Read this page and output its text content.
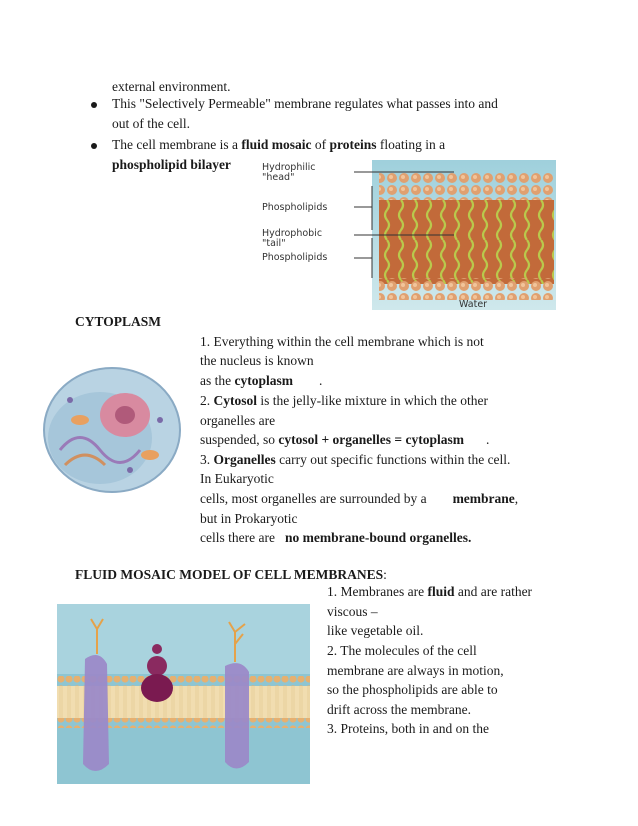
external environment.
This "Selectively Permeable" membrane regulates what passes into and
out of the cell.
The cell membrane is a fluid mosaic of proteins floating in a
phospholipid bilayer	Hydrophilic
"head"
Phospholipids
Hydrophobic
"tail"
Phospholipids
Water
CYTOPLASM
1. Everything within the cell membrane which is not
the nucleus is known
as the cytoplasm .
2. Cytosol is the jelly-like mixture in which the other
organelles are
suspended, so cytosol + organelles = cytoplasm .
3. Organelles carry out specific functions within the cell.
In Eukaryotic
cells, most organelles are surrounded by a membrane,
but in Prokaryotic
cells there are no membrane-bound organelles.
FLUID MOSAIC MODEL OF CELL MEMBRANES:
1. Membranes are fluid and are rather
viscous –
like vegetable oil.
2. The molecules of the cell
membrane are always in motion,
so the phospholipids are able to
drift across the membrane.
3. Proteins, both in and on the
